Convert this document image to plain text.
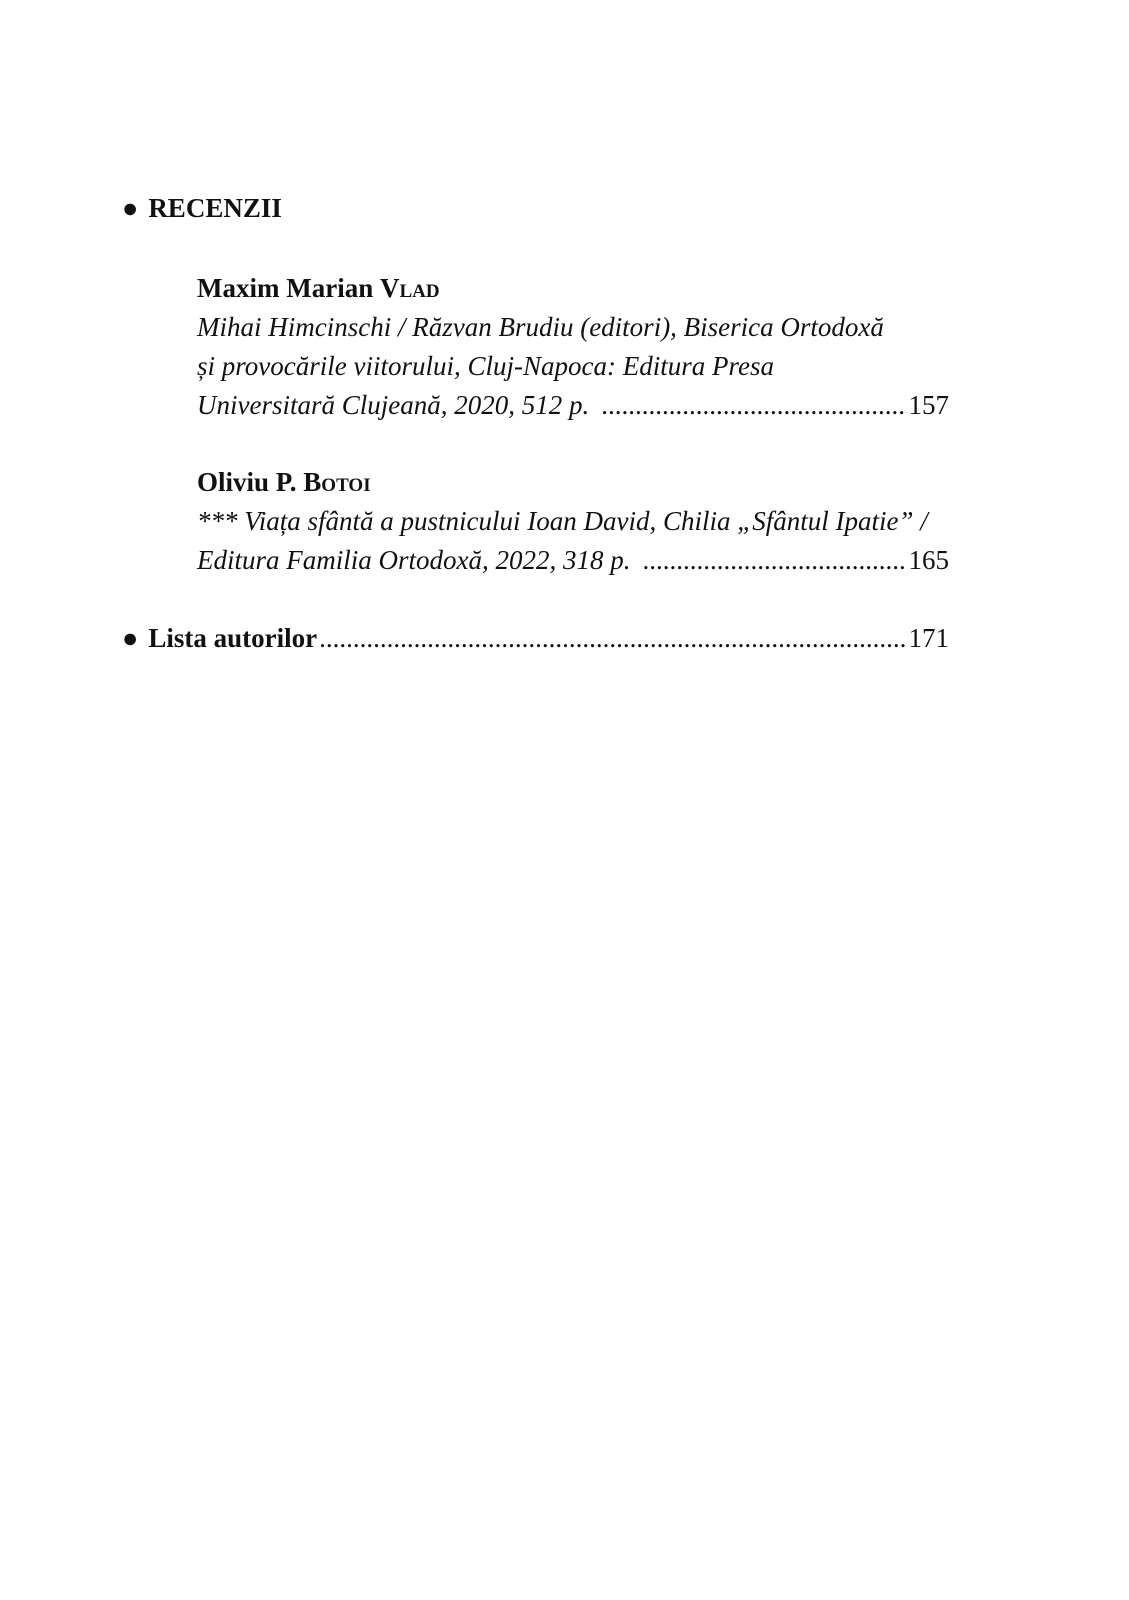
● RECENZII
Maxim Marian Vlad
Mihai Himcinschi / Răzvan Brudiu (editori), Biserica Ortodoxă
și provocările viitorului, Cluj-Napoca: Editura Presa
Universitară Clujeană, 2020, 512 p. .....	157
Oliviu P. Botoi
*** Viața sfântă a pustnicului Ioan David, Chilia „Sfântul Ipatie” /
Editura Familia Ortodoxă, 2022, 318 p. .....	165
● Lista autorilor .....	171
